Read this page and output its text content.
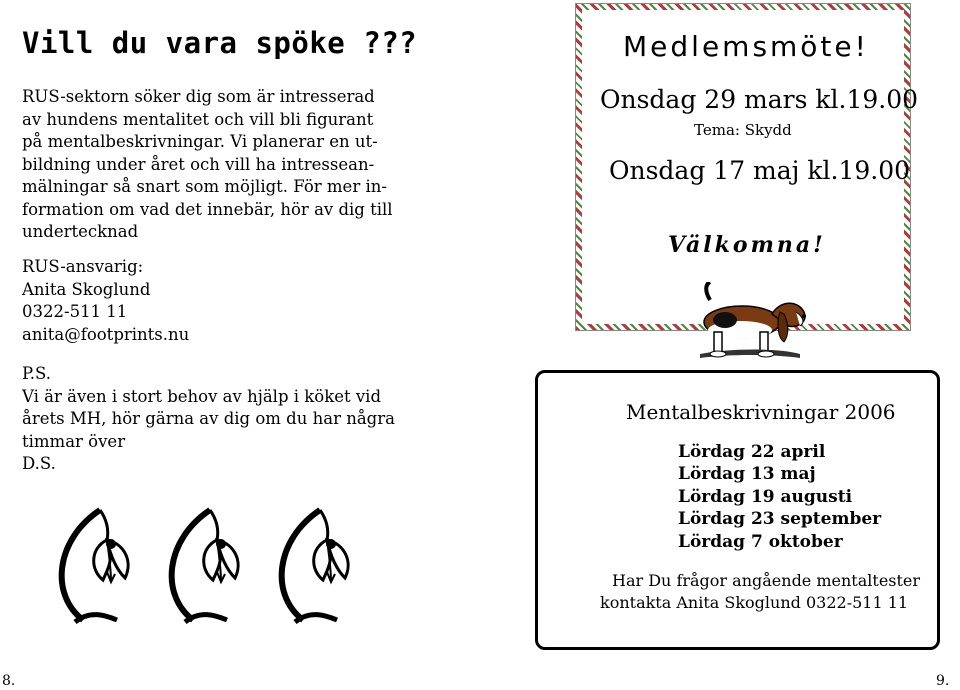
Vill du vara spöke ???
RUS-sektorn söker dig som är intresserad
av hundens mentalitet och vill bli figurant
på mentalbeskrivningar. Vi planerar en ut-
bildning under året och vill ha intressean-
mälningar så snart som möjligt. För mer in-
formation om vad det innebär, hör av dig till
undertecknad
RUS-ansvarig:
Anita Skoglund
0322-511 11
anita@footprints.nu
P.S.
Vi är även i stort behov av hjälp i köket vid
årets MH, hör gärna av dig om du har några
timmar över
D.S.
Medlemsmöte!
Onsdag 29 mars kl.19.00
Tema: Skydd
Onsdag 17 maj kl.19.00
Välkomna!
Mentalbeskrivningar 2006
Lördag 22 april
Lördag 13 maj
Lördag 19 augusti
Lördag 23 september
Lördag 7 oktober
Har Du frågor angående mentaltester
kontakta Anita Skoglund 0322-511 11
8.	9.
